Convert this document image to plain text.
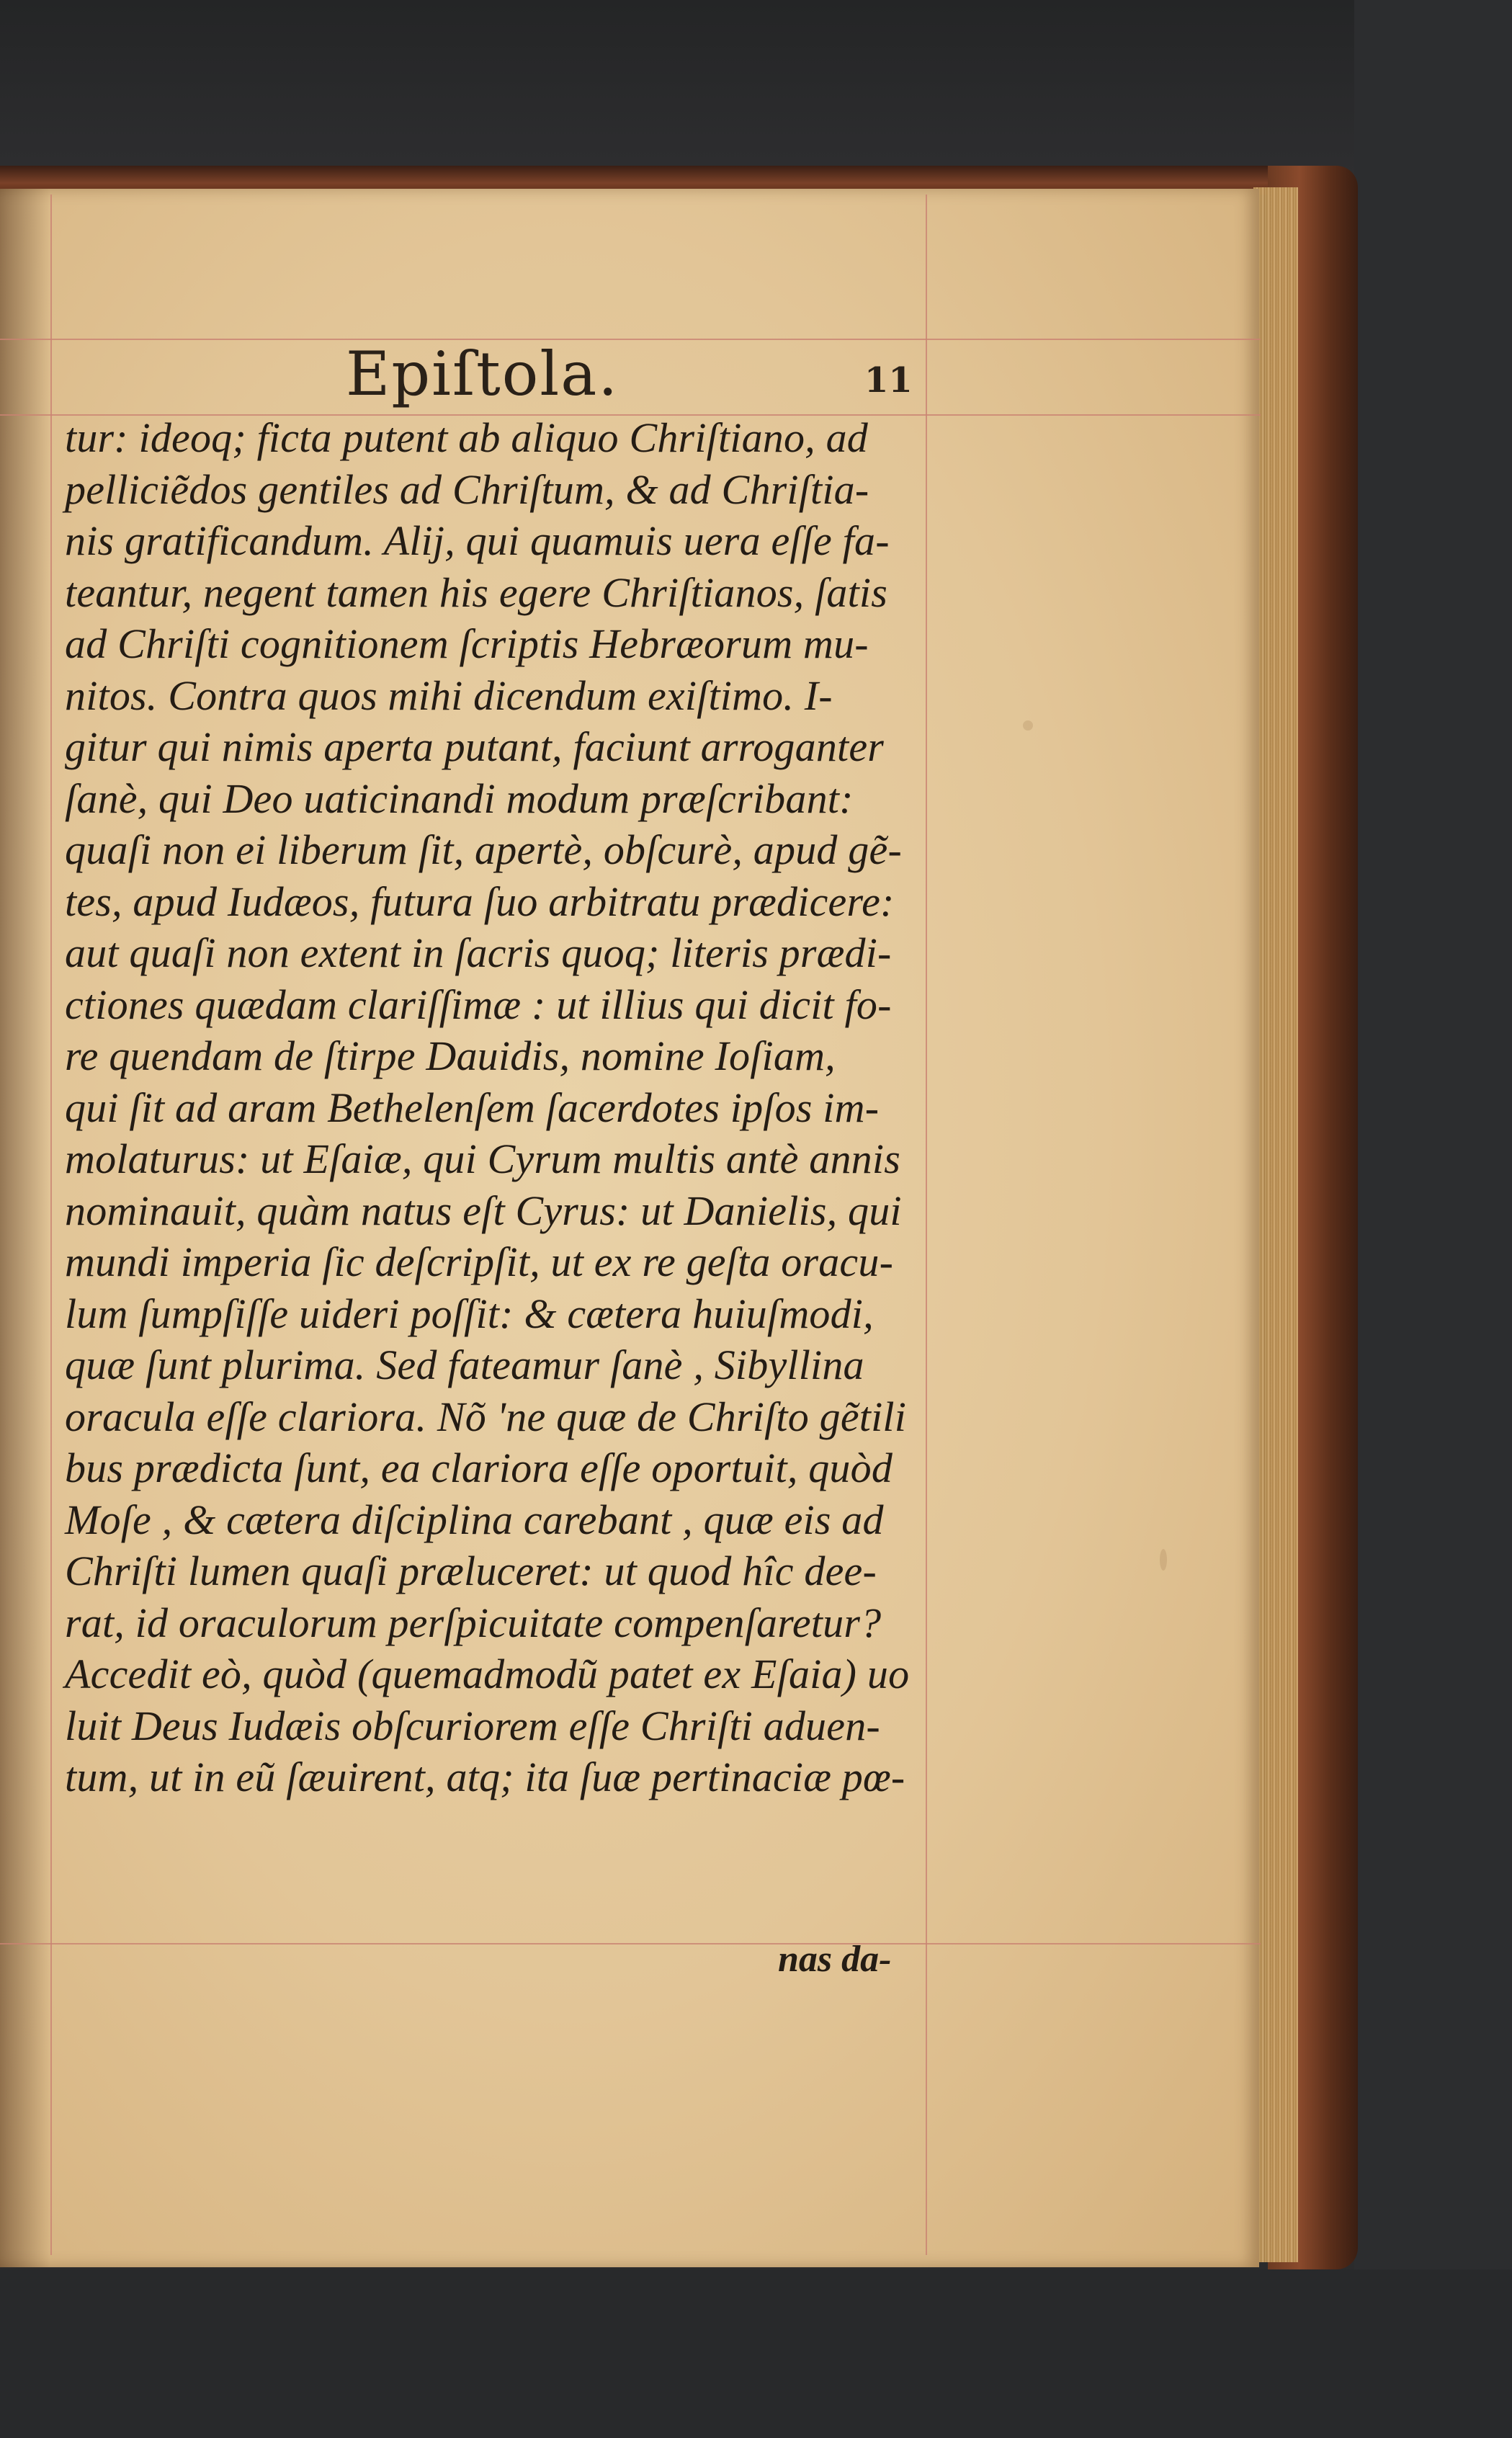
Epiſtola.	11
tur: ideoq; ficta putent ab aliquo Chriſtiano, ad
pelliciẽdos gentiles ad Chriſtum, & ad Chriſtia-
nis gratificandum. Alij, qui quamuis uera eſſe fa-
teantur, negent tamen his egere Chriſtianos, ſatis
ad Chriſti cognitionem ſcriptis Hebræorum mu-
nitos. Contra quos mihi dicendum exiſtimo. I-
gitur qui nimis aperta putant, faciunt arroganter
ſanè, qui Deo uaticinandi modum præſcribant:
quaſi non ei liberum ſit, apertè, obſcurè, apud gẽ-
tes, apud Iudæos, futura ſuo arbitratu prædicere:
aut quaſi non extent in ſacris quoq; literis prædi-
ctiones quædam clariſſimæ : ut illius qui dicit fo-
re quendam de ſtirpe Dauidis, nomine Ioſiam,
qui ſit ad aram Bethelenſem ſacerdotes ipſos im-
molaturus: ut Eſaiæ, qui Cyrum multis antè annis
nominauit, quàm natus eſt Cyrus: ut Danielis, qui
mundi imperia ſic deſcripſit, ut ex re geſta oracu-
lum ſumpſiſſe uideri poſſit: & cætera huiuſmodi,
quæ ſunt plurima. Sed fateamur ſanè , Sibyllina
oracula eſſe clariora. Nõ 'ne quæ de Chriſto gẽtili
bus prædicta ſunt, ea clariora eſſe oportuit, quòd
Moſe , & cætera diſciplina carebant , quæ eis ad
Chriſti lumen quaſi præluceret: ut quod hîc dee-
rat, id oraculorum perſpicuitate compenſaretur?
Accedit eò, quòd (quemadmodũ patet ex Eſaia) uo
luit Deus Iudæis obſcuriorem eſſe Chriſti aduen-
tum, ut in eũ ſæuirent, atq; ita ſuæ pertinaciæ pœ-
nas da-
